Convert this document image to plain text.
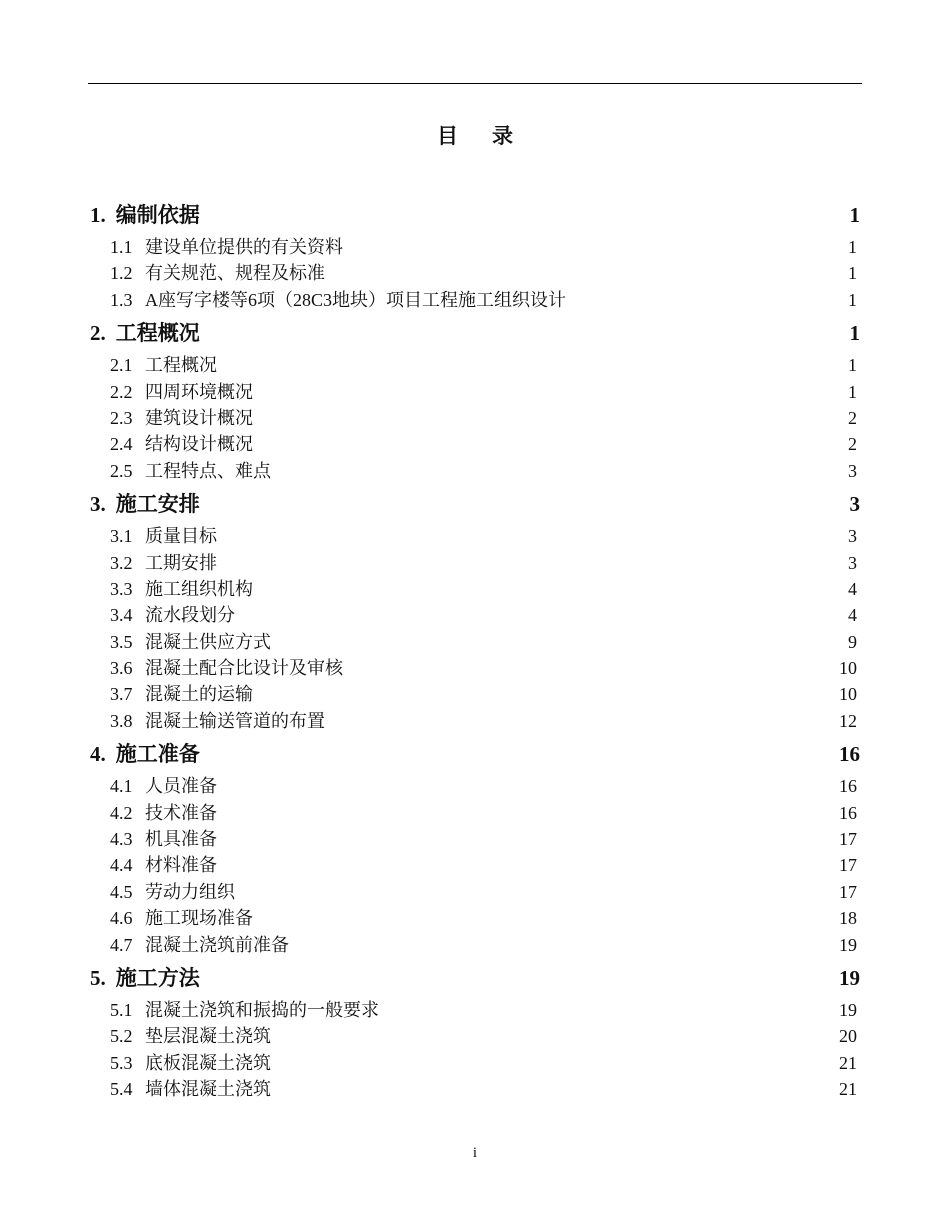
目 录
1. 编制依据	1
1.1 建设单位提供的有关资料	1
1.2 有关规范、规程及标准	1
1.3 A座写字楼等6项（28C3地块）项目工程施工组织设计	1
2. 工程概况	1
2.1 工程概况	1
2.2 四周环境概况	1
2.3 建筑设计概况	2
2.4 结构设计概况	2
2.5 工程特点、难点	3
3. 施工安排	3
3.1 质量目标	3
3.2 工期安排	3
3.3 施工组织机构	4
3.4 流水段划分	4
3.5 混凝土供应方式	9
3.6 混凝土配合比设计及审核	10
3.7 混凝土的运输	10
3.8 混凝土输送管道的布置	12
4. 施工准备	16
4.1 人员准备	16
4.2 技术准备	16
4.3 机具准备	17
4.4 材料准备	17
4.5 劳动力组织	17
4.6 施工现场准备	18
4.7 混凝土浇筑前准备	19
5. 施工方法	19
5.1 混凝土浇筑和振捣的一般要求	19
5.2 垫层混凝土浇筑	20
5.3 底板混凝土浇筑	21
5.4 墙体混凝土浇筑	21
i
